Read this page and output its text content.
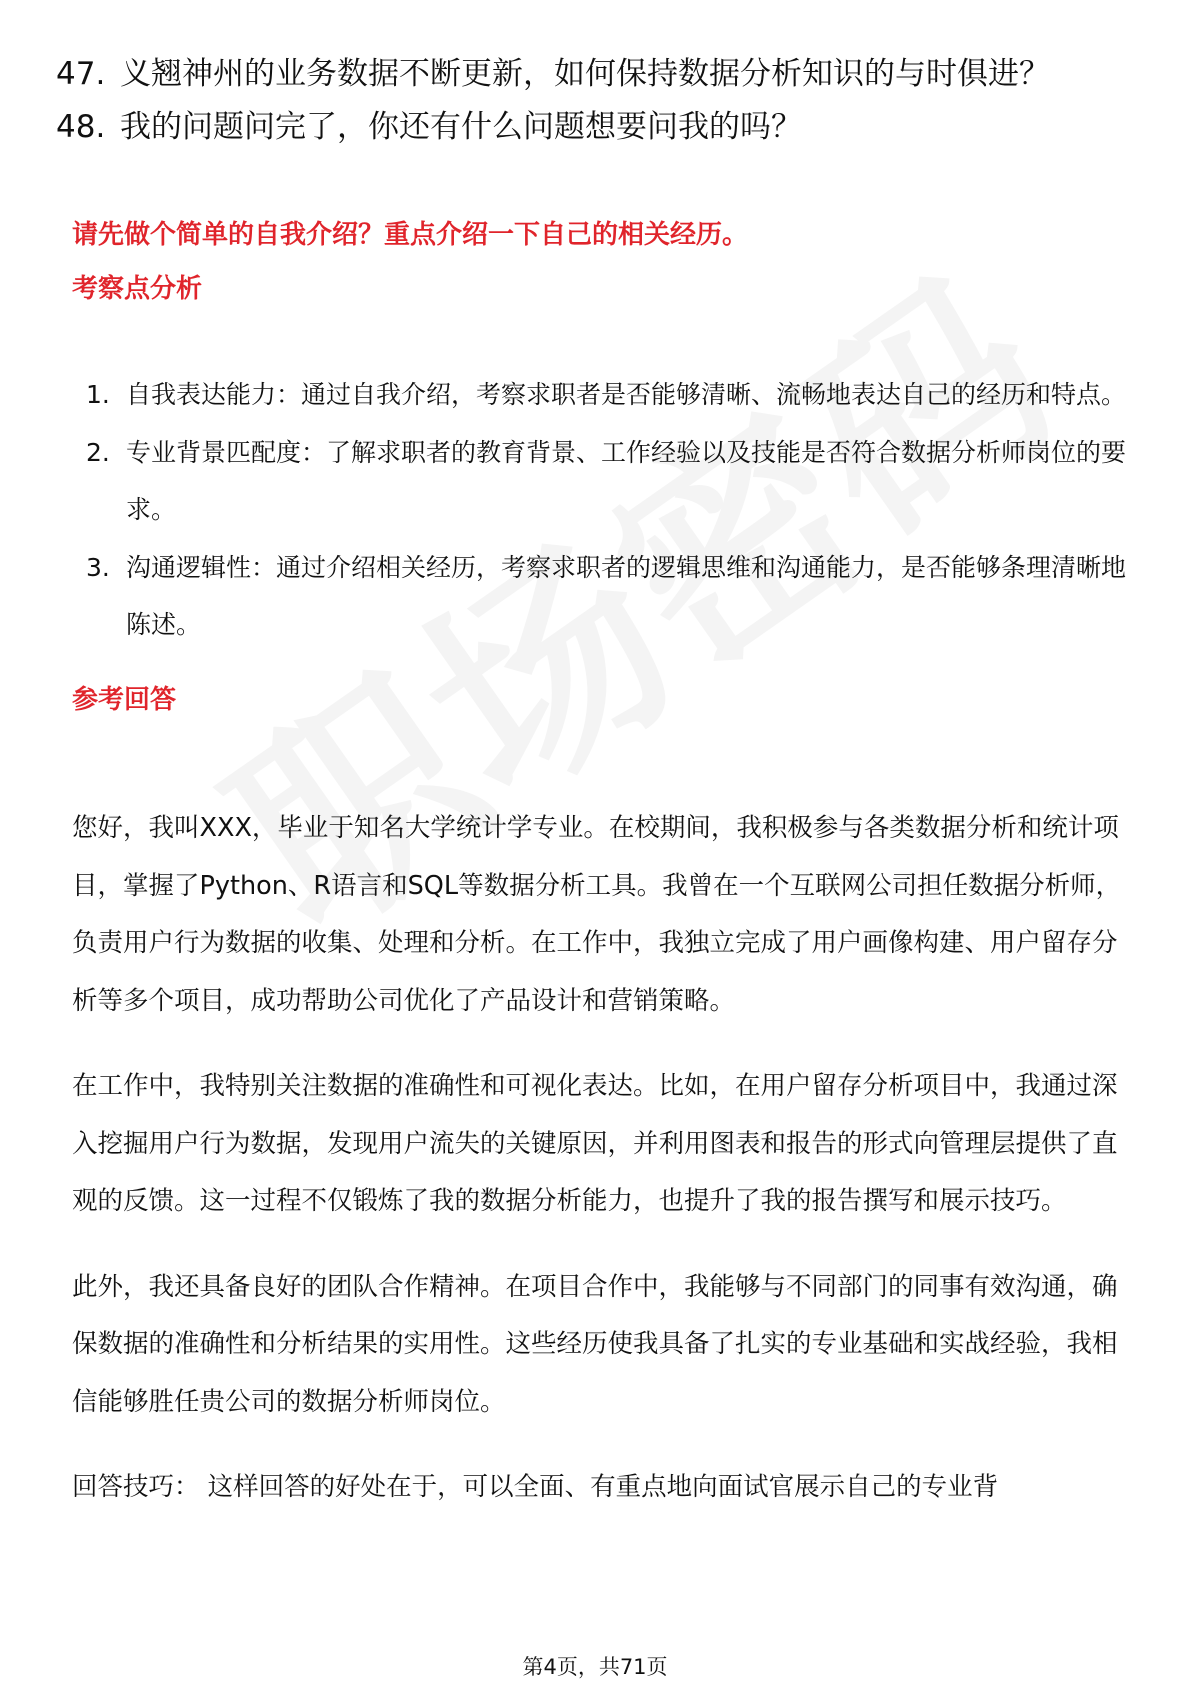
47. 义翘神州的业务数据不断更新，如何保持数据分析知识的与时俱进？
48. 我的问题问完了，你还有什么问题想要问我的吗？
请先做个简单的自我介绍？重点介绍一下自己的相关经历。
考察点分析
1. 自我表达能力：通过自我介绍，考察求职者是否能够清晰、流畅地表达自己的经历和特点。
2. 专业背景匹配度：了解求职者的教育背景、工作经验以及技能是否符合数据分析师岗位的要求。
3. 沟通逻辑性：通过介绍相关经历，考察求职者的逻辑思维和沟通能力，是否能够条理清晰地陈述。
参考回答

您好，我叫XXX，毕业于知名大学统计学专业。在校期间，我积极参与各类数据分析和统计项目，掌握了Python、R语言和SQL等数据分析工具。我曾在一个互联网公司担任数据分析师，负责用户行为数据的收集、处理和分析。在工作中，我独立完成了用户画像构建、用户留存分析等多个项目，成功帮助公司优化了产品设计和营销策略。

在工作中，我特别关注数据的准确性和可视化表达。比如，在用户留存分析项目中，我通过深入挖掘用户行为数据，发现用户流失的关键原因，并利用图表和报告的形式向管理层提供了直观的反馈。这一过程不仅锻炼了我的数据分析能力，也提升了我的报告撰写和展示技巧。

此外，我还具备良好的团队合作精神。在项目合作中，我能够与不同部门的同事有效沟通，确保数据的准确性和分析结果的实用性。这些经历使我具备了扎实的专业基础和实战经验，我相信能够胜任贵公司的数据分析师岗位。

回答技巧： 这样回答的好处在于，可以全面、有重点地向面试官展示自己的专业背

第4页，共71页
